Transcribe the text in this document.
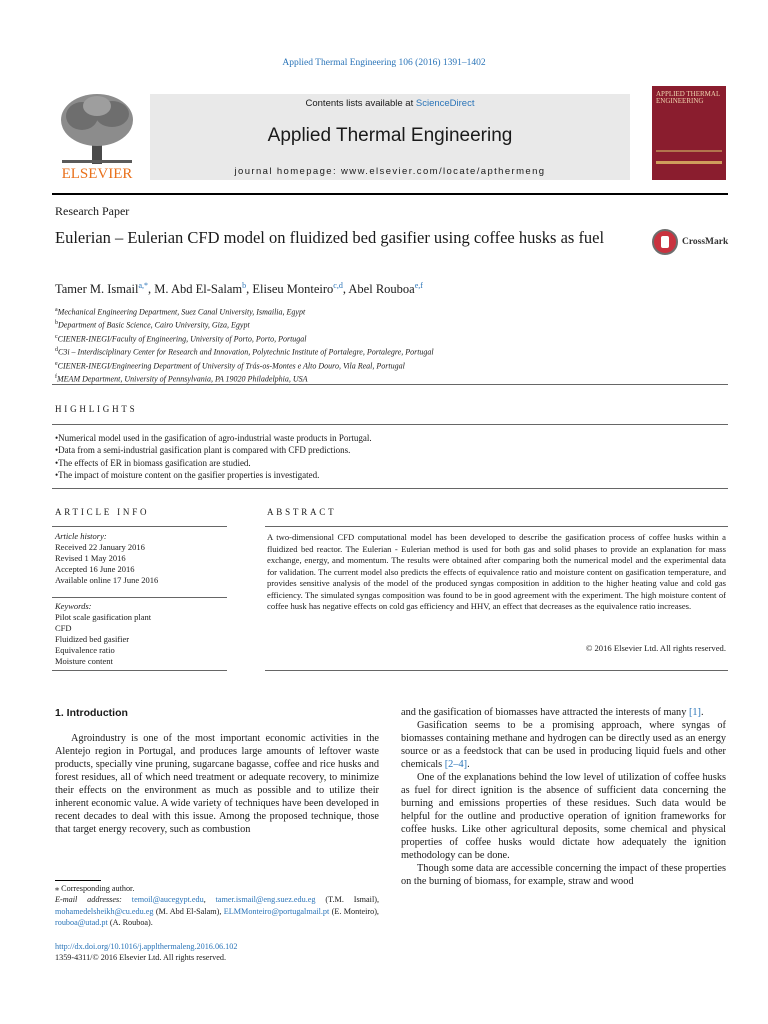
Applied Thermal Engineering 106 (2016) 1391–1402
ELSEVIER
Contents lists available at ScienceDirect
Applied Thermal Engineering
journal homepage: www.elsevier.com/locate/apthermeng
APPLIED THERMAL ENGINEERING
Research Paper
Eulerian – Eulerian CFD model on fluidized bed gasifier using coffee husks as fuel	CrossMark
Tamer M. Ismail$^{a,*}$, M. Abd El-Salam$^b$, Eliseu Monteiro$^{c,d}$, Abel Rouboa$^{e,f}$
$^a$Mechanical Engineering Department, Suez Canal University, Ismailia, Egypt
$^b$Department of Basic Science, Cairo University, Giza, Egypt
$^c$CIENER-INEGI/Faculty of Engineering, University of Porto, Porto, Portugal
$^d$C3i – Interdisciplinary Center for Research and Innovation, Polytechnic Institute of Portalegre, Portalegre, Portugal
$^e$CIENER-INEGI/Engineering Department of University of Trás-os-Montes e Alto Douro, Vila Real, Portugal
$^f$MEAM Department, University of Pennsylvania, PA 19020 Philadelphia, USA
HIGHLIGHTS
• Numerical model used in the gasification of agro-industrial waste products in Portugal.
• Data from a semi-industrial gasification plant is compared with CFD predictions.
• The effects of ER in biomass gasification are studied.
• The impact of moisture content on the gasifier properties is investigated.
ARTICLE INFO	ABSTRACT
Article history:
Received 22 January 2016
Revised 1 May 2016
Accepted 16 June 2016
Available online 17 June 2016
Keywords:
Pilot scale gasification plant
CFD
Fluidized bed gasifier
Equivalence ratio
Moisture content

A two-dimensional CFD computational model has been developed to describe the gasification process of coffee husks within a fluidized bed reactor. The Eulerian - Eulerian method is used for both gas and solid phases to provide an explanation for mass exchange, energy, and momentum. The results were obtained after comparing both the numerical model and the experimental data for validation. The current model also predicts the effects of equivalence ratio and moisture content on gasification temperature, and provides sensitive analysis of the model of the produced syngas composition in addition to the higher heating value and cold gas efficiency. The simulated syngas composition was found to be in good agreement with the experiment. The high moisture content of coffee husk has negative effects on cold gas efficiency and HHV, an effect that decreases as the equivalence ratio increases.

© 2016 Elsevier Ltd. All rights reserved.
1. Introduction

Agroindustry is one of the most important economic activities in the Alentejo region in Portugal, and produces large amounts of leftover waste products, specially vine pruning, sugarcane bagasse, coffee and rice husks and forest residues, all of which need treatment or adequate recovery, to minimize their effects on the environment as much as possible and to utilize their inherent economic value. A wide variety of techniques have been developed in recent decades to deal with this issue. Among the proposed technique, those that target energy recovery, such as combustion

and the gasification of biomasses have attracted the interests of many [1].

Gasification seems to be a promising approach, where syngas of biomasses containing methane and hydrogen can be directly used as an energy source or as a feedstock that can be used in producing liquid fuels and other chemicals [2–4].

One of the explanations behind the low level of utilization of coffee husks as fuel for direct ignition is the absence of sufficient data concerning the burning and emissions properties of these residues. Such data would be helpful for the outline and productive operation of ignition frameworks for coffee husks. Like other agricultural deposits, some chemical and physical properties of coffee husks would dictate how adequately the ignition methodology can be done.

Though some data are accessible concerning the impact of these properties on the burning of biomass, for example, straw and wood

⁎ Corresponding author.
E-mail addresses: temoil@aucegypt.edu, tamer.ismail@eng.suez.edu.eg (T.M. Ismail), mohamedelsheikh@cu.edu.eg (M. Abd El-Salam), ELMMonteiro@portugalmail.pt (E. Monteiro), rouboa@utad.pt (A. Rouboa).
http://dx.doi.org/10.1016/j.applthermaleng.2016.06.102
1359-4311/© 2016 Elsevier Ltd. All rights reserved.
